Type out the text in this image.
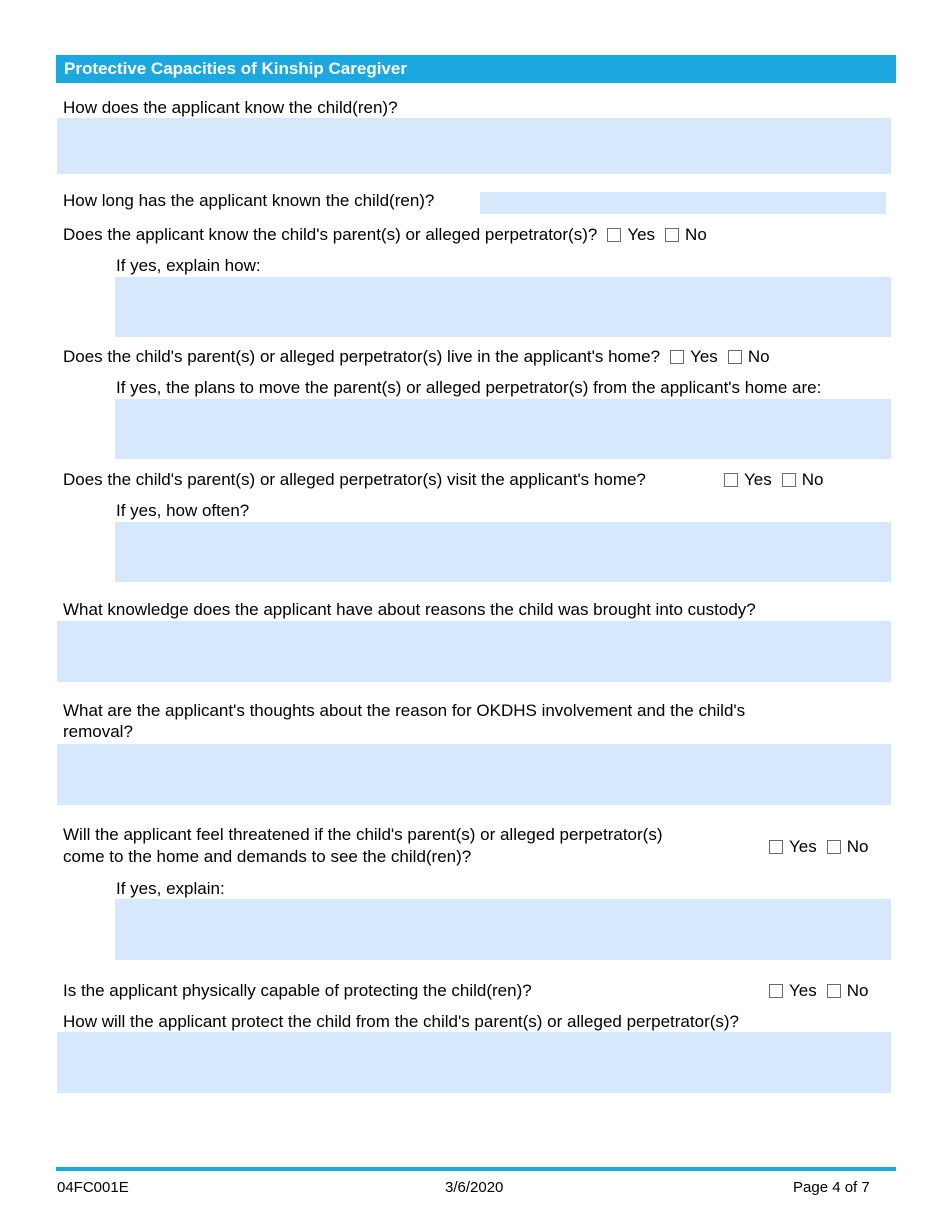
Protective Capacities of Kinship Caregiver
How does the applicant know the child(ren)?
How long has the applicant known the child(ren)?
Does the applicant know the child's parent(s) or alleged perpetrator(s)? Yes No
If yes, explain how:
Does the child's parent(s) or alleged perpetrator(s) live in the applicant's home? Yes No
If yes, the plans to move the parent(s) or alleged perpetrator(s) from the applicant's home are:
Does the child's parent(s) or alleged perpetrator(s) visit the applicant's home?	Yes No
If yes, how often?
What knowledge does the applicant have about reasons the child was brought into custody?
What are the applicant's thoughts about the reason for OKDHS involvement and the child's
removal?
Will the applicant feel threatened if the child's parent(s) or alleged perpetrator(s)
come to the home and demands to see the child(ren)?
Yes No
If yes, explain:
Is the applicant physically capable of protecting the child(ren)?	Yes No
How will the applicant protect the child from the child's parent(s) or alleged perpetrator(s)?
04FC001E	3/6/2020	Page 4 of 7
